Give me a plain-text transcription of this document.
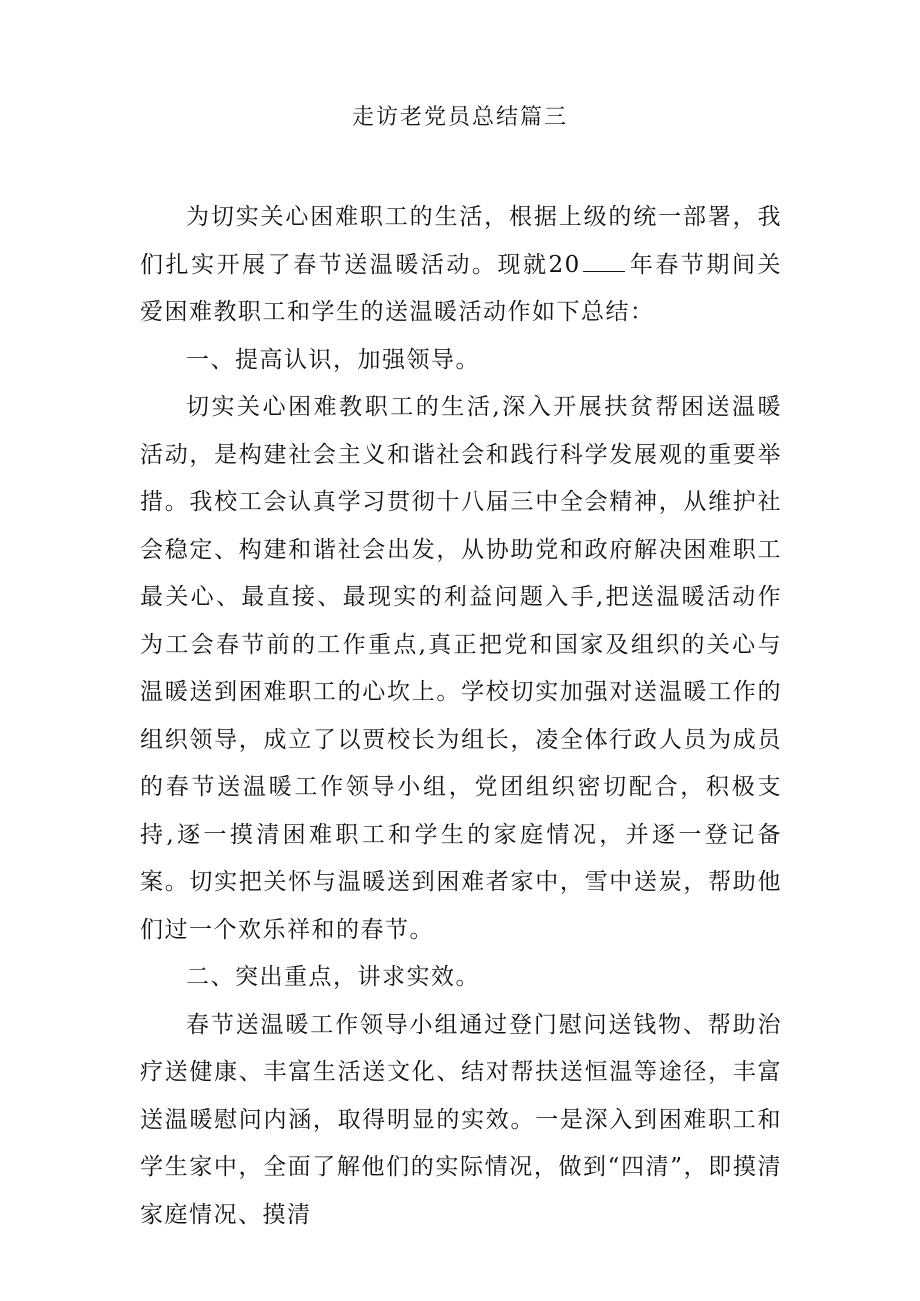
走访老党员总结篇三

为切实关心困难职工的生活，根据上级的统一部署，我们扎实开展了春节送温暖活动。现就20 年春节期间关爱困难教职工和学生的送温暖活动作如下总结：

一、提高认识，加强领导。

切实关心困难教职工的生活,深入开展扶贫帮困送温暖活动，是构建社会主义和谐社会和践行科学发展观的重要举措。我校工会认真学习贯彻十八届三中全会精神，从维护社会稳定、构建和谐社会出发，从协助党和政府解决困难职工最关心、最直接、最现实的利益问题入手,把送温暖活动作为工会春节前的工作重点,真正把党和国家及组织的关心与温暖送到困难职工的心坎上。学校切实加强对送温暖工作的组织领导，成立了以贾校长为组长，凌全体行政人员为成员的春节送温暖工作领导小组，党团组织密切配合，积极支持,逐一摸清困难职工和学生的家庭情况，并逐一登记备案。切实把关怀与温暖送到困难者家中，雪中送炭，帮助他们过一个欢乐祥和的春节。

二、突出重点，讲求实效。

春节送温暖工作领导小组通过登门慰问送钱物、帮助治疗送健康、丰富生活送文化、结对帮扶送恒温等途径，丰富送温暖慰问内涵，取得明显的实效。一是深入到困难职工和学生家中，全面了解他们的实际情况，做到“四清”，即摸清家庭情况、摸清
